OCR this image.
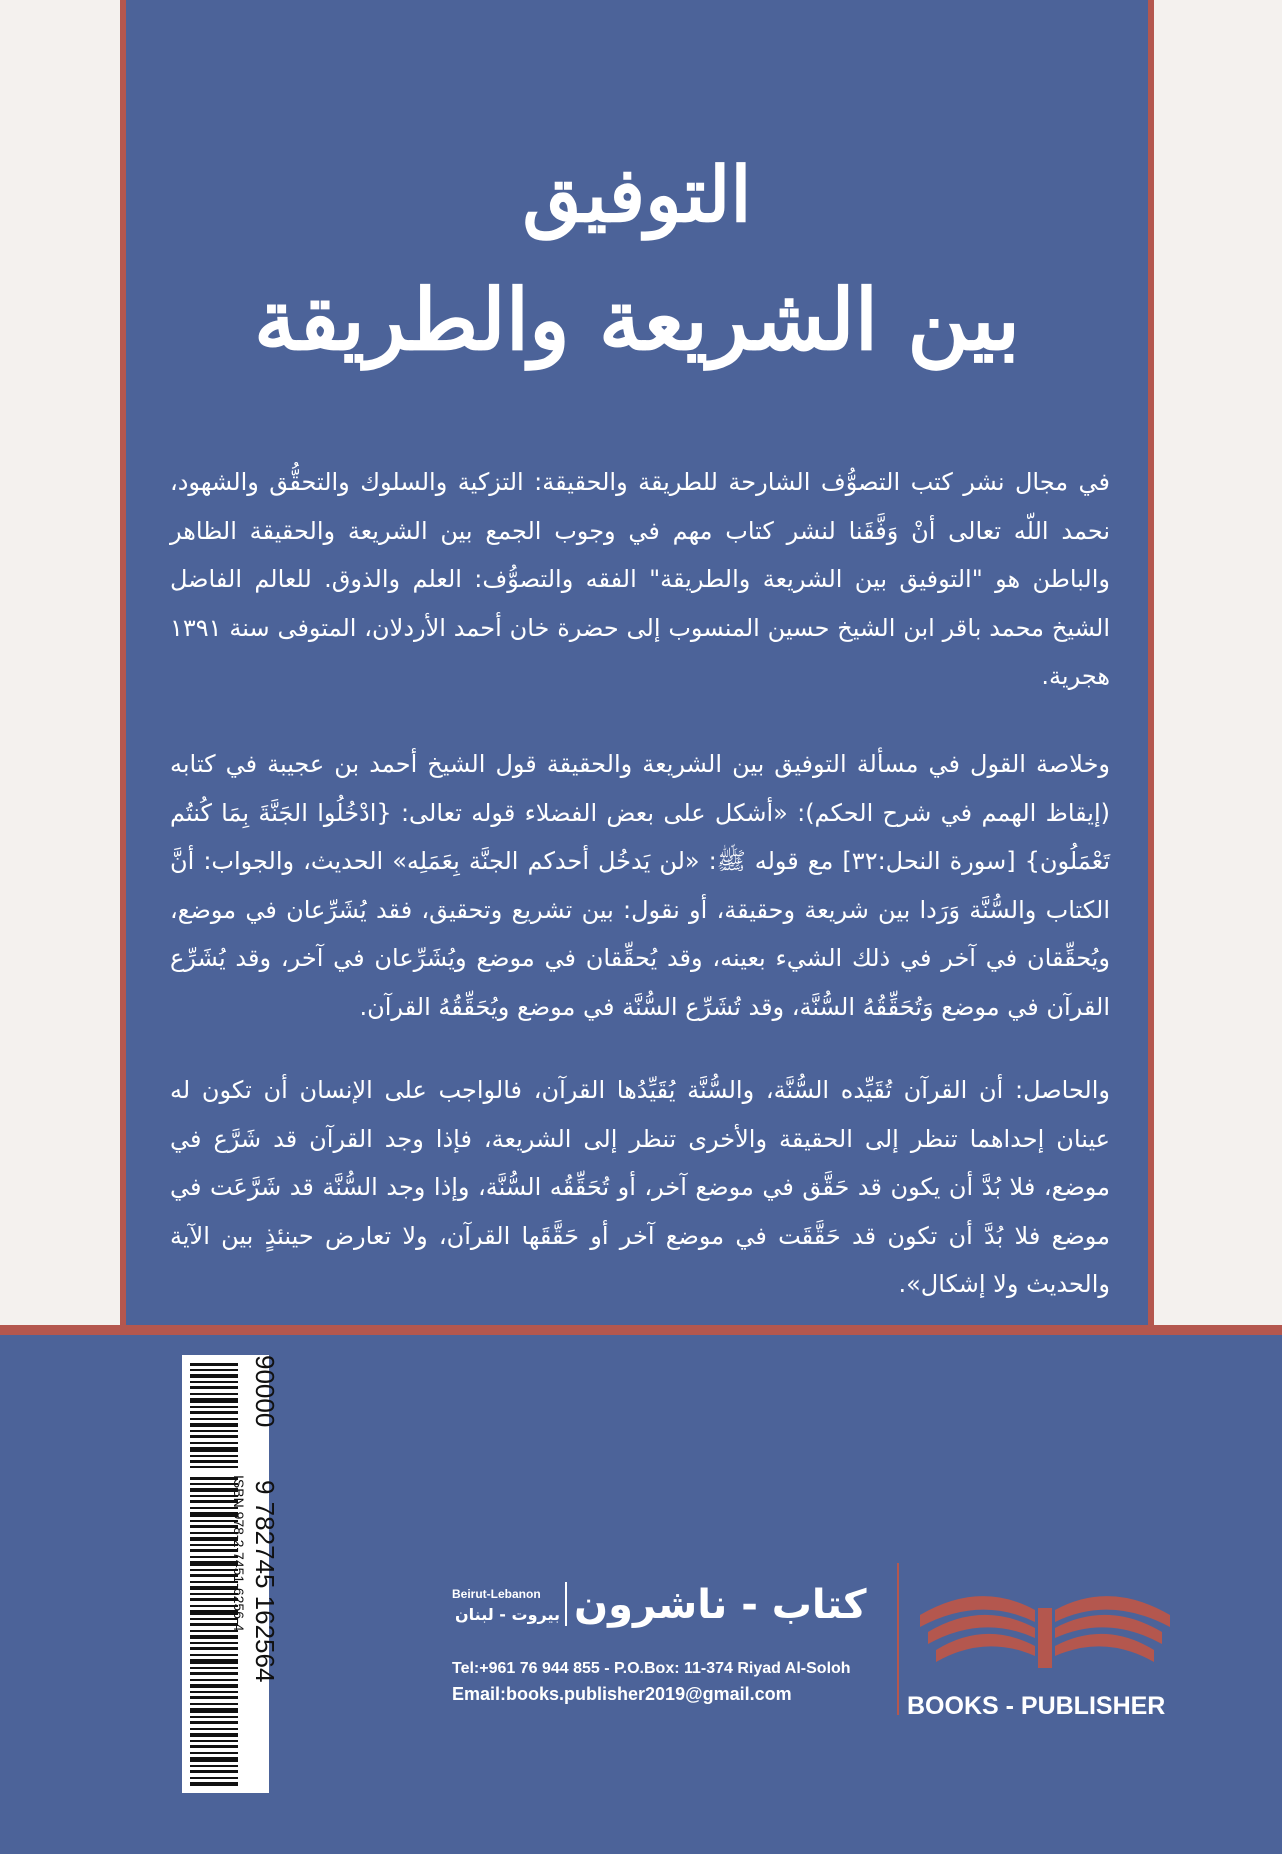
التوفيق
بين الشريعة والطريقة

في مجال نشر كتب التصوُّف الشارحة للطريقة والحقيقة: التزكية والسلوك والتحقُّق والشهود، نحمد اللّه تعالى أنْ وَفَّقَنا لنشر كتاب مهم في وجوب الجمع بين الشريعة والحقيقة الظاهر والباطن هو "التوفيق بين الشريعة والطريقة" الفقه والتصوُّف: العلم والذوق. للعالم الفاضل الشيخ محمد باقر ابن الشيخ حسين المنسوب إلى حضرة خان أحمد الأردلان، المتوفى سنة ١٣٩١ هجرية.

وخلاصة القول في مسألة التوفيق بين الشريعة والحقيقة قول الشيخ أحمد بن عجيبة في كتابه (إيقاظ الهمم في شرح الحكم): «أشكل على بعض الفضلاء قوله تعالى: {ادْخُلُوا الجَنَّةَ بِمَا كُنتُم تَعْمَلُون} [سورة النحل:٣٢] مع قوله ﷺ: «لن يَدخُل أحدكم الجنَّة بِعَمَلِه» الحديث، والجواب: أنَّ الكتاب والسُّنَّة وَرَدا بين شريعة وحقيقة، أو نقول: بين تشريع وتحقيق، فقد يُشَرِّعان في موضع، ويُحقِّقان في آخر في ذلك الشيء بعينه، وقد يُحقِّقان في موضع ويُشَرِّعان في آخر، وقد يُشَرِّع القرآن في موضع وَتُحَقِّقُهُ السُّنَّة، وقد تُشَرِّع السُّنَّة في موضع ويُحَقِّقُهُ القرآن.

والحاصل: أن القرآن تُقَيِّده السُّنَّة، والسُّنَّة يُقَيِّدُها القرآن، فالواجب على الإنسان أن تكون له عينان إحداهما تنظر إلى الحقيقة والأخرى تنظر إلى الشريعة، فإذا وجد القرآن قد شَرَّع في موضع، فلا بُدَّ أن يكون قد حَقَّق في موضع آخر، أو تُحَقِّقُه السُّنَّة، وإذا وجد السُّنَّة قد شَرَّعَت في موضع فلا بُدَّ أن تكون قد حَقَّقَت في موضع آخر أو حَقَّقَها القرآن، ولا تعارض حينئذٍ بين الآية والحديث ولا إشكال».

ISBN 978-2-7451-6256-4
90000
9 782745 162564	كتاب - ناشرون
Beirut-Lebanon
بيروت - لبنان
Tel:+961 76 944 855 - P.O.Box: 11-374 Riyad Al-Soloh
Email:books.publisher2019@gmail.com	BOOKS - PUBLISHER
